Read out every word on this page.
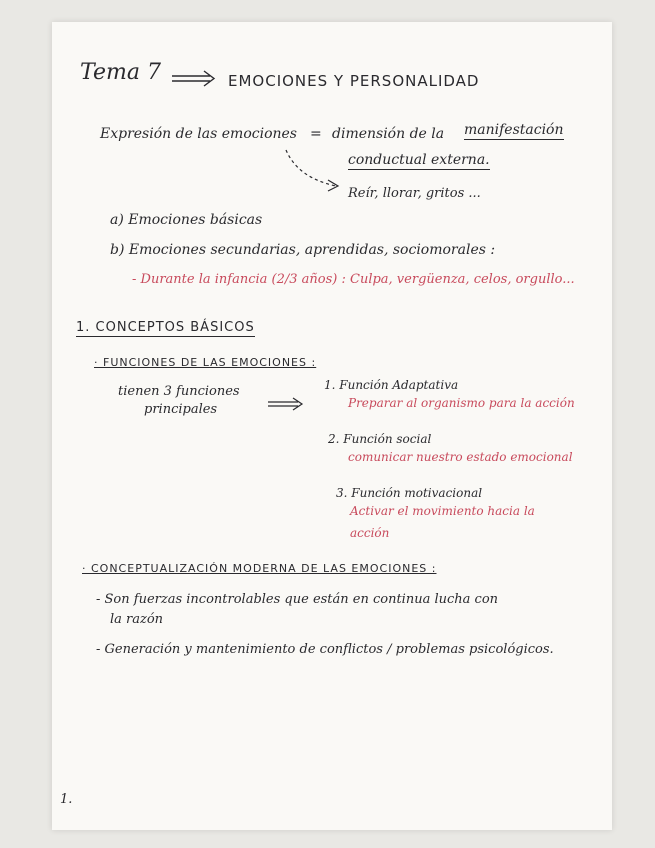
Tema 7	EMOCIONES Y PERSONALIDAD
Expresión de las emociones = dimensión de la manifestación
conductual externa.
Reír, llorar, gritos ...
a) Emociones básicas
b) Emociones secundarias, aprendidas, sociomorales :
- Durante la infancia (2/3 años) : Culpa, vergüenza, celos, orgullo...
1. CONCEPTOS BÁSICOS
· FUNCIONES DE LAS EMOCIONES :
tienen 3 funciones
principales
1. Función Adaptativa
Preparar al organismo para la acción
2. Función social
comunicar nuestro estado emocional
3. Función motivacional
Activar el movimiento hacia la
acción
· CONCEPTUALIZACIÓN MODERNA DE LAS EMOCIONES :
- Son fuerzas incontrolables que están en continua lucha con
la razón
- Generación y mantenimiento de conflictos / problemas psicológicos.
1.
